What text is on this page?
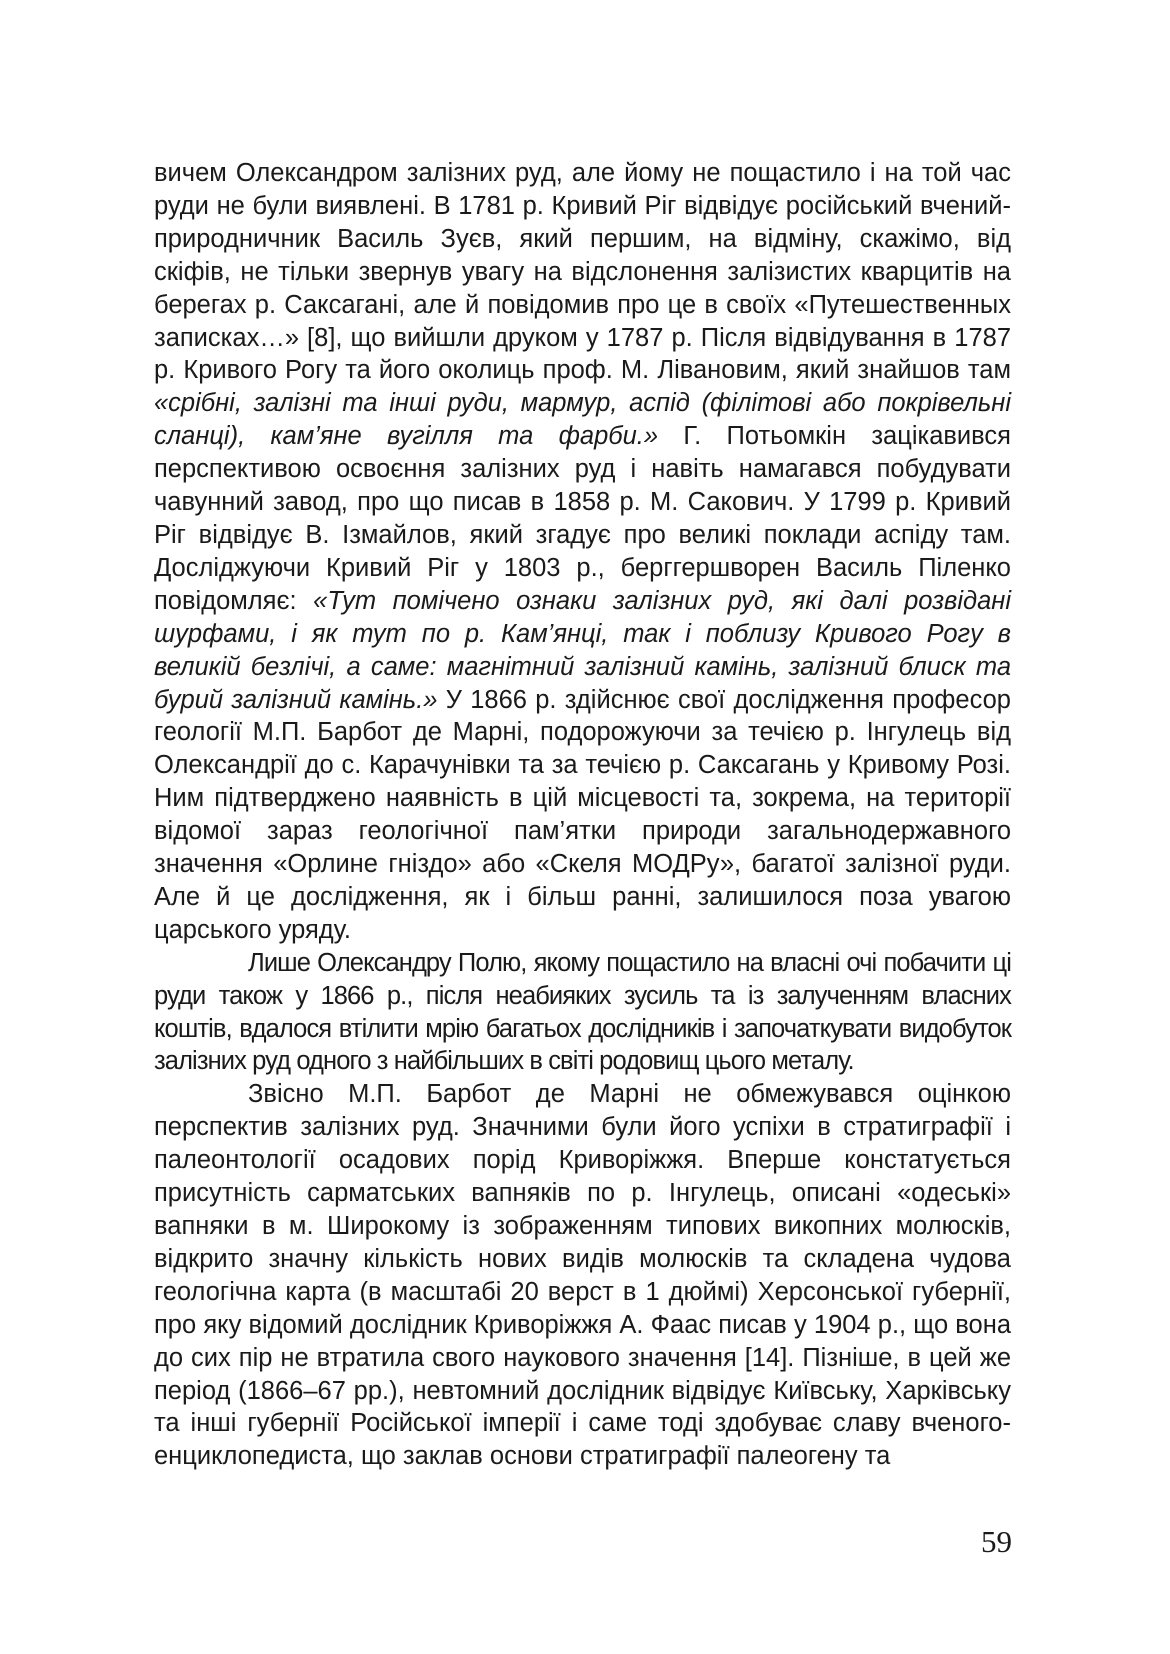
вичем Олександром залізних руд, але йому не пощастило і на той час руди не були виявлені. В 1781 р. Кривий Ріг відвідує російський вчений-природничник Василь Зуєв, який першим, на відміну, скажімо, від скіфів, не тільки звернув увагу на відслонення залізистих кварцитів на берегах р. Саксагані, але й повідомив про це в своїх «Путешественных записках…» [8], що вийшли друком у 1787 р. Після відвідування в 1787 р. Кривого Рогу та його околиць проф. М. Лівановим, який знайшов там «срібні, залізні та інші руди, мармур, аспід (філітові або покрівельні сланці), кам’яне вугілля та фарби.» Г. Потьомкін зацікавився перспективою освоєння залізних руд і навіть намагався побудувати чавунний завод, про що писав в 1858 р. М. Сакович. У 1799 р. Кривий Ріг відвідує В. Ізмайлов, який згадує про великі поклади аспіду там. Досліджуючи Кривий Ріг у 1803 р., берггершворен Василь Піленко повідомляє: «Тут помічено ознаки залізних руд, які далі розвідані шурфами, і як тут по р. Кам’янці, так і поблизу Кривого Рогу в великій безлічі, а саме: магнітний залізний камінь, залізний блиск та бурий залізний камінь.» У 1866 р. здійснює свої дослідження професор геології М.П. Барбот де Марні, подорожуючи за течією р. Інгулець від Олександрії до с. Карачунівки та за течією р. Саксагань у Кривому Розі. Ним підтверджено наявність в цій місцевості та, зокрема, на території відомої зараз геологічної пам’ятки природи загальнодержавного значення «Орлине гніздо» або «Скеля МОДРу», багатої залізної руди. Але й це дослідження, як і більш ранні, залишилося поза увагою царського уряду.

Лише Олександру Полю, якому пощастило на власні очі побачити ці руди також у 1866 р., після неабияких зусиль та із залученням власних коштів, вдалося втілити мрію багатьох дослідників і започаткувати видобуток залізних руд одного з найбільших в світі родовищ цього металу.

Звісно М.П. Барбот де Марні не обмежувався оцінкою перспектив залізних руд. Значними були його успіхи в стратиграфії і палеонтології осадових порід Криворіжжя. Вперше констатується присутність сарматських вапняків по р. Інгулець, описані «одеські» вапняки в м. Широкому із зображенням типових викопних молюсків, відкрито значну кількість нових видів молюсків та складена чудова геологічна карта (в масштабі 20 верст в 1 дюймі) Херсонської губернії, про яку відомий дослідник Криворіжжя А. Фаас писав у 1904 р., що вона до сих пір не втратила свого наукового значення [14]. Пізніше, в цей же період (1866–67 рр.), невтомний дослідник відвідує Київську, Харківську та інші губернії Російської імперії і саме тоді здобуває славу вченого-енциклопедиста, що заклав основи стратиграфії палеогену та

59
